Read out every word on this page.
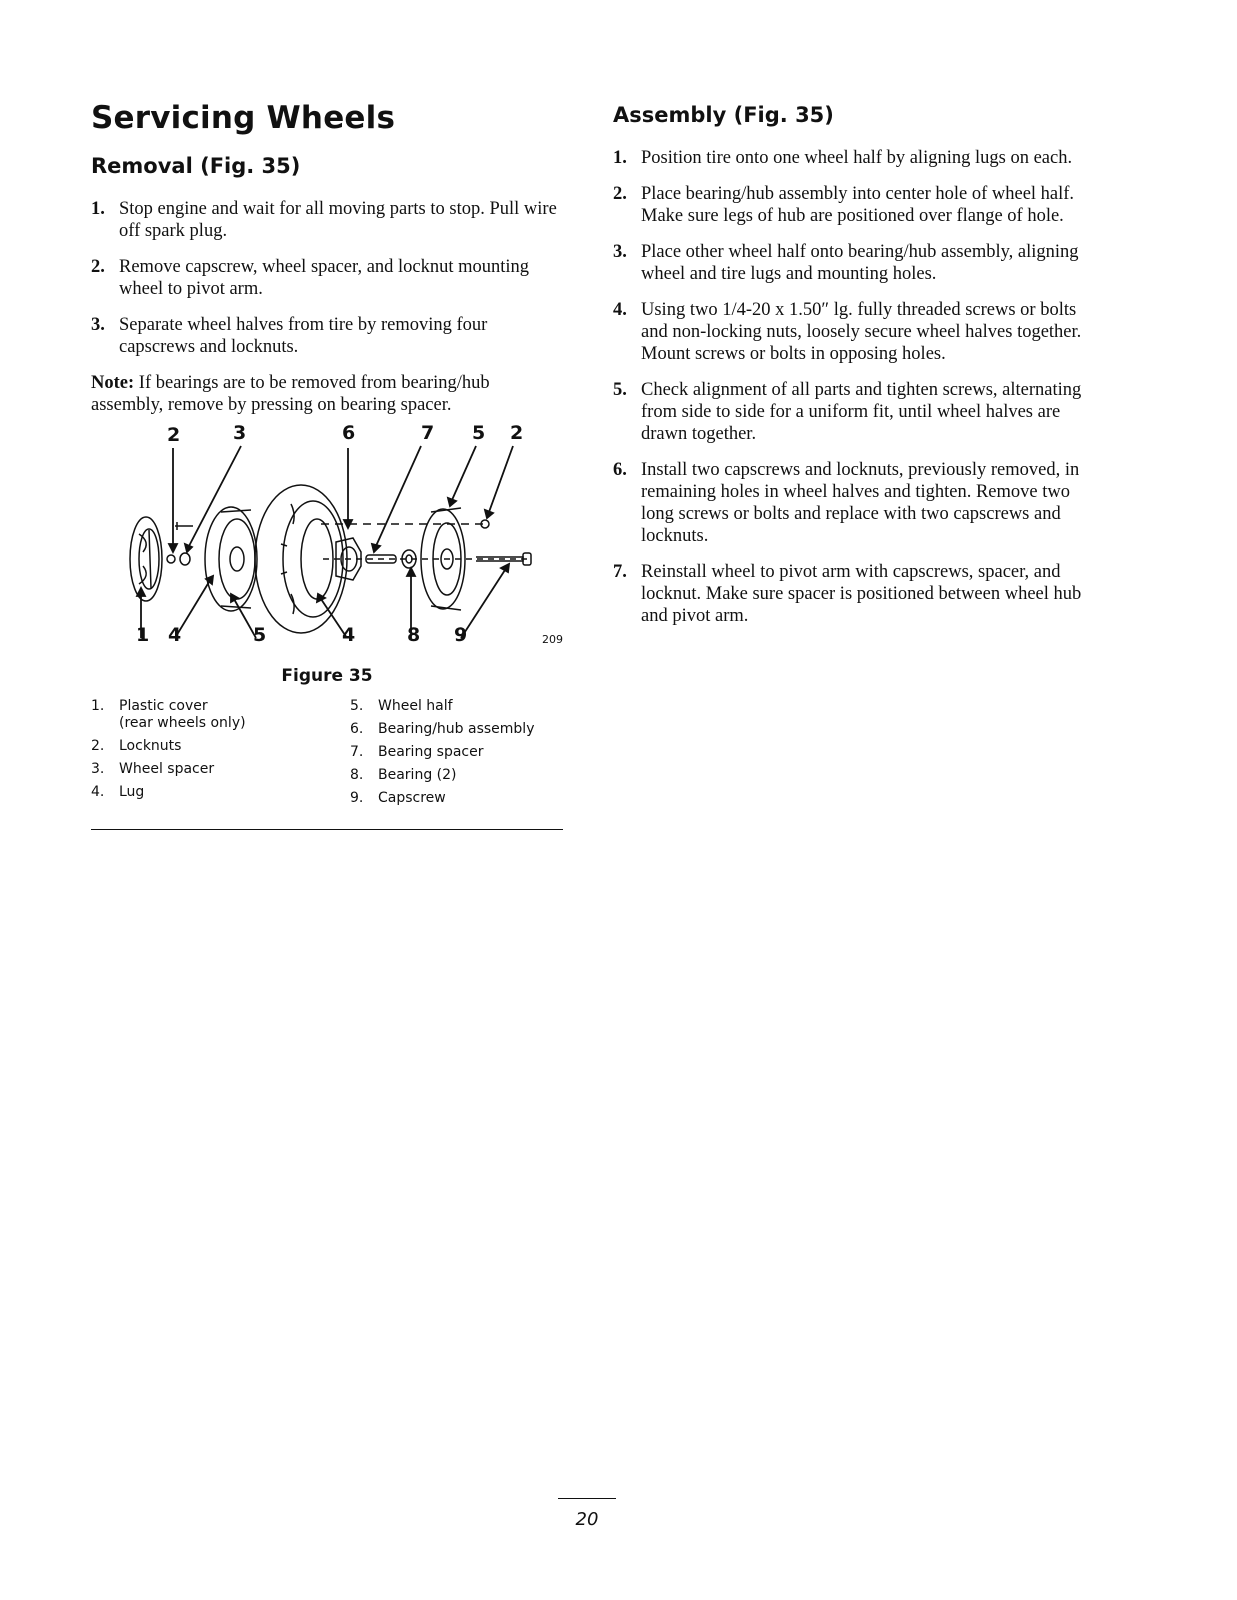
Servicing Wheels
Removal (Fig. 35)
1. Stop engine and wait for all moving parts to stop. Pull wire off spark plug.
2. Remove capscrew, wheel spacer, and locknut mounting wheel to pivot arm.
3. Separate wheel halves from tire by removing four capscrews and locknuts.

Note: If bearings are to be removed from bearing/hub assembly, remove by pressing on bearing spacer.

2	3	6	7 5 2
1 4	5	4	8 9	209
Figure 35
1.	Plastic cover
(rear wheels only)
2.	Locknuts
3.	Wheel spacer
4.	Lug
5.	Wheel half
6.	Bearing/hub assembly
7.	Bearing spacer
8.	Bearing (2)
9.	Capscrew
Assembly (Fig. 35)
1. Position tire onto one wheel half by aligning lugs on each.
2. Place bearing/hub assembly into center hole of wheel half. Make sure legs of hub are positioned over flange of hole.
3. Place other wheel half onto bearing/hub assembly, aligning wheel and tire lugs and mounting holes.
4. Using two 1/4-20 x 1.50″ lg. fully threaded screws or bolts and non-locking nuts, loosely secure wheel halves together. Mount screws or bolts in opposing holes.
5. Check alignment of all parts and tighten screws, alternating from side to side for a uniform fit, until wheel halves are drawn together.
6. Install two capscrews and locknuts, previously removed, in remaining holes in wheel halves and tighten. Remove two long screws or bolts and replace with two capscrews and locknuts.
7. Reinstall wheel to pivot arm with capscrews, spacer, and locknut. Make sure spacer is positioned between wheel hub and pivot arm.
20
